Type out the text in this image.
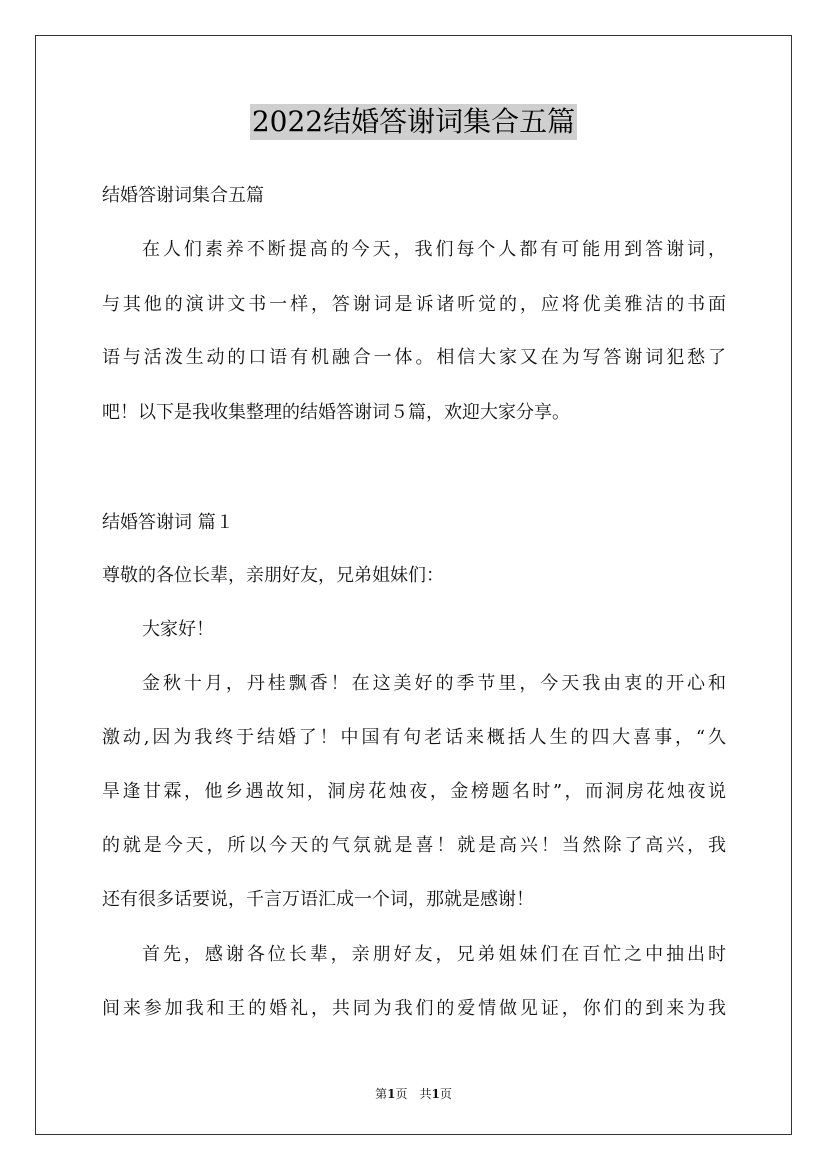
2022结婚答谢词集合五篇
结婚答谢词集合五篇
在人们素养不断提高的今天，我们每个人都有可能用到答谢词，
与其他的演讲文书一样，答谢词是诉诸听觉的，应将优美雅洁的书面
语与活泼生动的口语有机融合一体。相信大家又在为写答谢词犯愁了
吧！以下是我收集整理的结婚答谢词５篇，欢迎大家分享。
结婚答谢词 篇１
尊敬的各位长辈，亲朋好友，兄弟姐妹们：
大家好！
金秋十月，丹桂飘香！在这美好的季节里，今天我由衷的开心和
激动,因为我终于结婚了！中国有句老话来概括人生的四大喜事，“久
旱逢甘霖，他乡遇故知，洞房花烛夜，金榜题名时”，而洞房花烛夜说
的就是今天，所以今天的气氛就是喜！就是高兴！当然除了高兴，我
还有很多话要说，千言万语汇成一个词，那就是感谢！
首先，感谢各位长辈，亲朋好友，兄弟姐妹们在百忙之中抽出时
间来参加我和王的婚礼，共同为我们的爱情做见证，你们的到来为我
第1页　共1页
